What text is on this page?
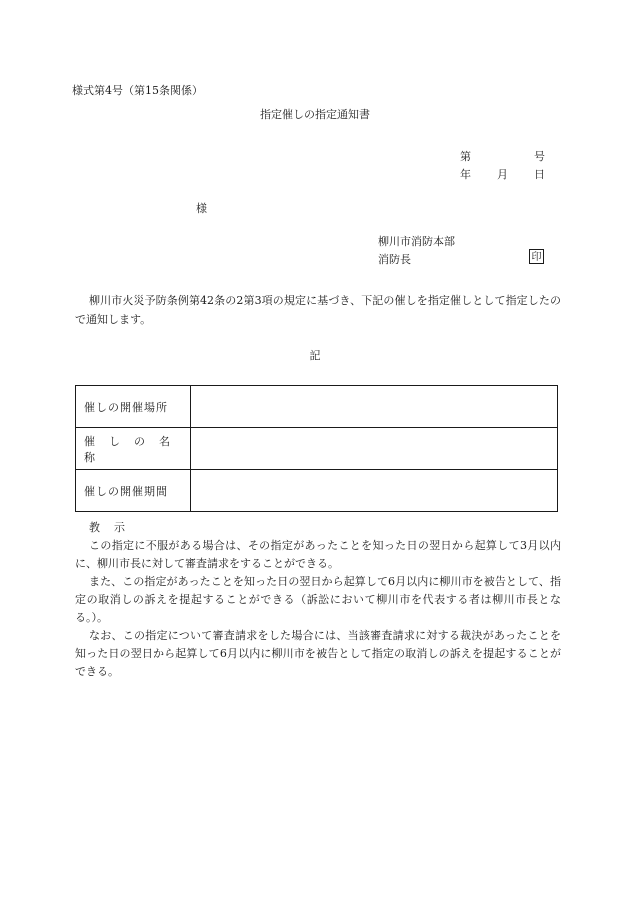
様式第4号（第15条関係）
指定催しの指定通知書
第	号
年 月 日
様
柳川市消防本部
消防長	印
柳川市火災予防条例第42条の2第3項の規定に基づき、下記の催しを指定催しとして指定したので通知します。
記
催しの開催場所	
催しの名称	
催しの開催期間	
教示

この指定に不服がある場合は、その指定があったことを知った日の翌日から起算して3月以内に、柳川市長に対して審査請求をすることができる。

また、この指定があったことを知った日の翌日から起算して6月以内に柳川市を被告として、指定の取消しの訴えを提起することができる（訴訟において柳川市を代表する者は柳川市長となる。）。

なお、この指定について審査請求をした場合には、当該審査請求に対する裁決があったことを知った日の翌日から起算して6月以内に柳川市を被告として指定の取消しの訴えを提起することができる。
